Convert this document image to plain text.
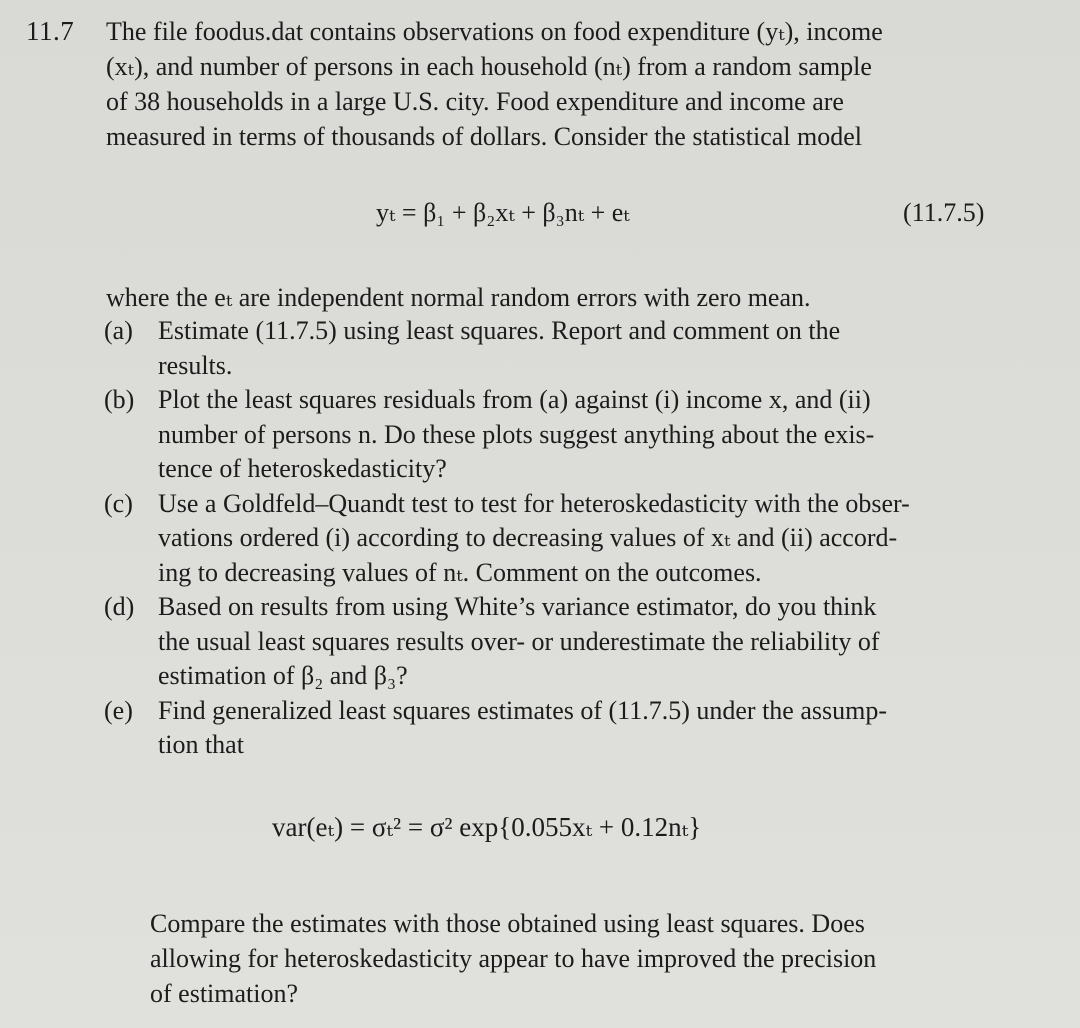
11.7 The file foodus.dat contains observations on food expenditure (yₜ), income
(xₜ), and number of persons in each household (nₜ) from a random sample
of 38 households in a large U.S. city. Food expenditure and income are
measured in terms of thousands of dollars. Consider the statistical model
yₜ = β₁ + β₂xₜ + β₃nₜ + eₜ	(11.7.5)
where the eₜ are independent normal random errors with zero mean.
(a) Estimate (11.7.5) using least squares. Report and comment on the
results.
(b) Plot the least squares residuals from (a) against (i) income x, and (ii)
number of persons n. Do these plots suggest anything about the exis-
tence of heteroskedasticity?
(c) Use a Goldfeld–Quandt test to test for heteroskedasticity with the obser-
vations ordered (i) according to decreasing values of xₜ and (ii) accord-
ing to decreasing values of nₜ. Comment on the outcomes.
(d) Based on results from using White’s variance estimator, do you think
the usual least squares results over- or underestimate the reliability of
estimation of β₂ and β₃?
(e) Find generalized least squares estimates of (11.7.5) under the assump-
tion that
var(eₜ) = σₜ² = σ² exp{0.055xₜ + 0.12nₜ}
Compare the estimates with those obtained using least squares. Does
allowing for heteroskedasticity appear to have improved the precision
of estimation?
